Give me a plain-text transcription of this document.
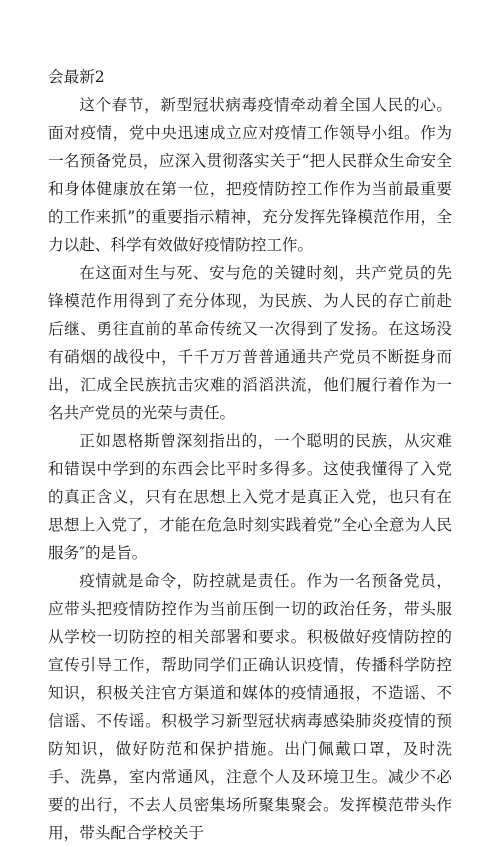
会最新2

这个春节，新型冠状病毒疫情牵动着全国人民的心。面对疫情，党中央迅速成立应对疫情工作领导小组。作为一名预备党员，应深入贯彻落实关于“把人民群众生命安全和身体健康放在第一位，把疫情防控工作作为当前最重要的工作来抓”的重要指示精神，充分发挥先锋模范作用，全力以赴、科学有效做好疫情防控工作。

在这面对生与死、安与危的关键时刻，共产党员的先锋模范作用得到了充分体现，为民族、为人民的存亡前赴后继、勇往直前的革命传统又一次得到了发扬。在这场没有硝烟的战役中，千千万万普普通通共产党员不断挺身而出，汇成全民族抗击灾难的滔滔洪流，他们履行着作为一名共产党员的光荣与责任。

正如恩格斯曾深刻指出的，一个聪明的民族，从灾难和错误中学到的东西会比平时多得多。这使我懂得了入党的真正含义，只有在思想上入党才是真正入党，也只有在思想上入党了，才能在危急时刻实践着党”全心全意为人民服务″的是旨。

疫情就是命令，防控就是责任。作为一名预备党员，应带头把疫情防控作为当前压倒一切的政治任务，带头服从学校一切防控的相关部署和要求。积极做好疫情防控的宣传引导工作，帮助同学们正确认识疫情，传播科学防控知识，积极关注官方渠道和媒体的疫情通报，不造谣、不信谣、不传谣。积极学习新型冠状病毒感染肺炎疫情的预防知识，做好防范和保护措施。出门佩戴口罩，及时洗手、洗鼻，室内常通风，注意个人及环境卫生。减少不必要的出行，不去人员密集场所聚集聚会。发挥模范带头作用，带头配合学校关于
